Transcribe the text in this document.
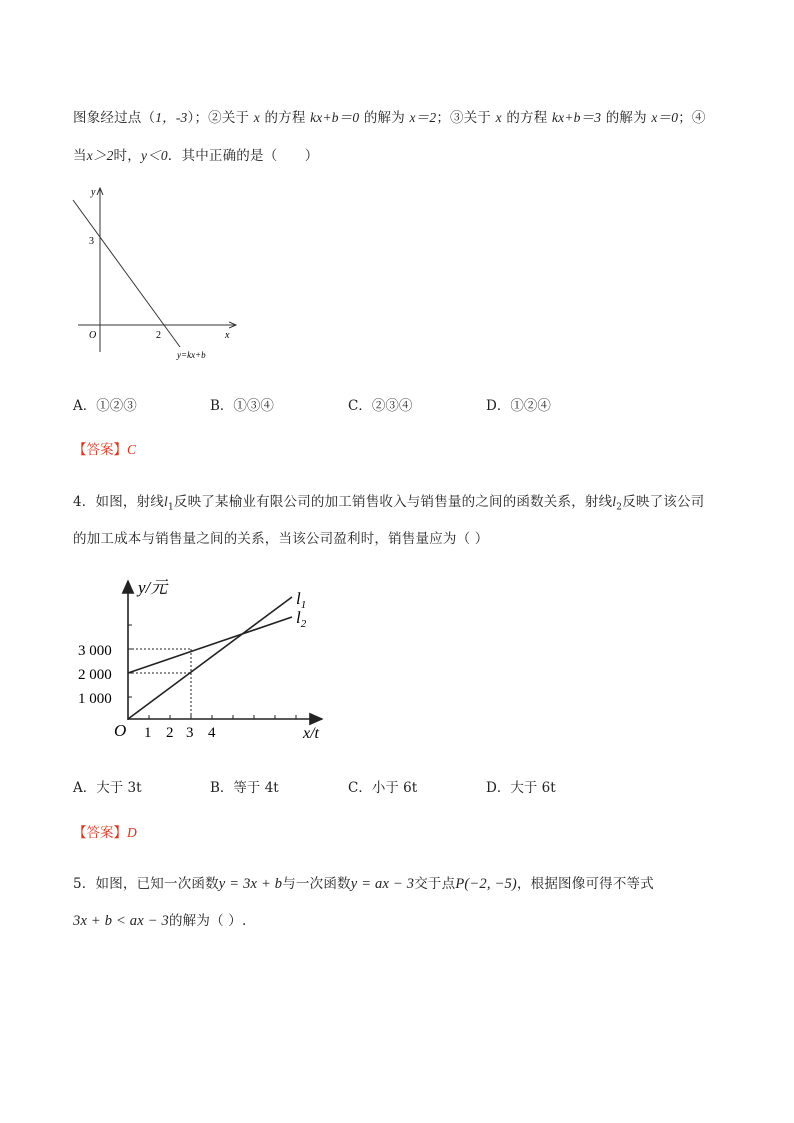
图象经过点（1，-3）；②关于 x 的方程 kx+b＝0 的解为 x＝2；③关于 x 的方程 kx+b＝3 的解为 x＝0；④
当x＞2时，y＜0．其中正确的是（　　）
y
x
O
3
2
y=kx+b
A．①②③	B．①③④	C．②③④	D．①②④
【答案】C
4．如图，射线$l_1$反映了某榆业有限公司的加工销售收入与销售量的之间的函数关系，射线$l_2$反映了该公司
的加工成本与销售量之间的关系，当该公司盈利时，销售量应为（ ）
y/元
x/t
O
3 000
2 000
1 000
1 2 3 4
$l_1$
$l_2$
A．大于 3t	B．等于 4t	C．小于 6t	D．大于 6t
【答案】D
5．如图，已知一次函数y = 3x + b与一次函数y = ax − 3交于点P(−2, −5)，根据图像可得不等式
3x + b < ax − 3的解为（ ）.
